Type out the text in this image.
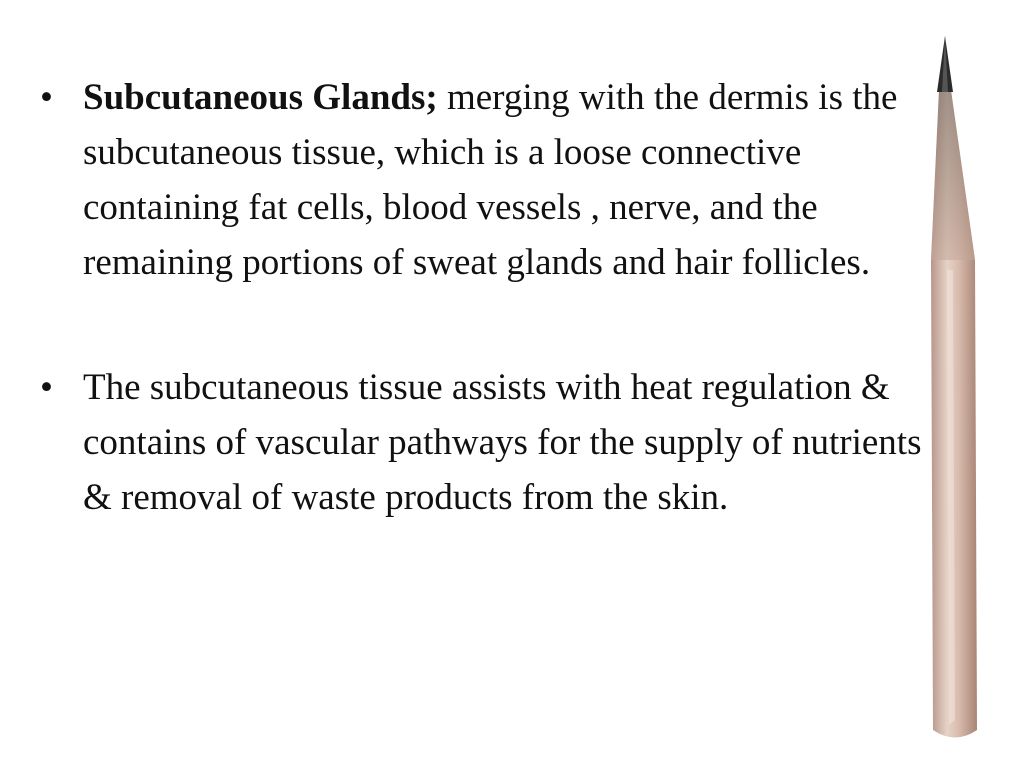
• Subcutaneous Glands; merging with the dermis is the subcutaneous tissue, which is a loose connective containing fat cells, blood vessels , nerve, and the remaining portions of sweat glands and hair follicles.
• The subcutaneous tissue assists with heat regulation & contains of vascular pathways for the supply of nutrients & removal of waste products from the skin.
